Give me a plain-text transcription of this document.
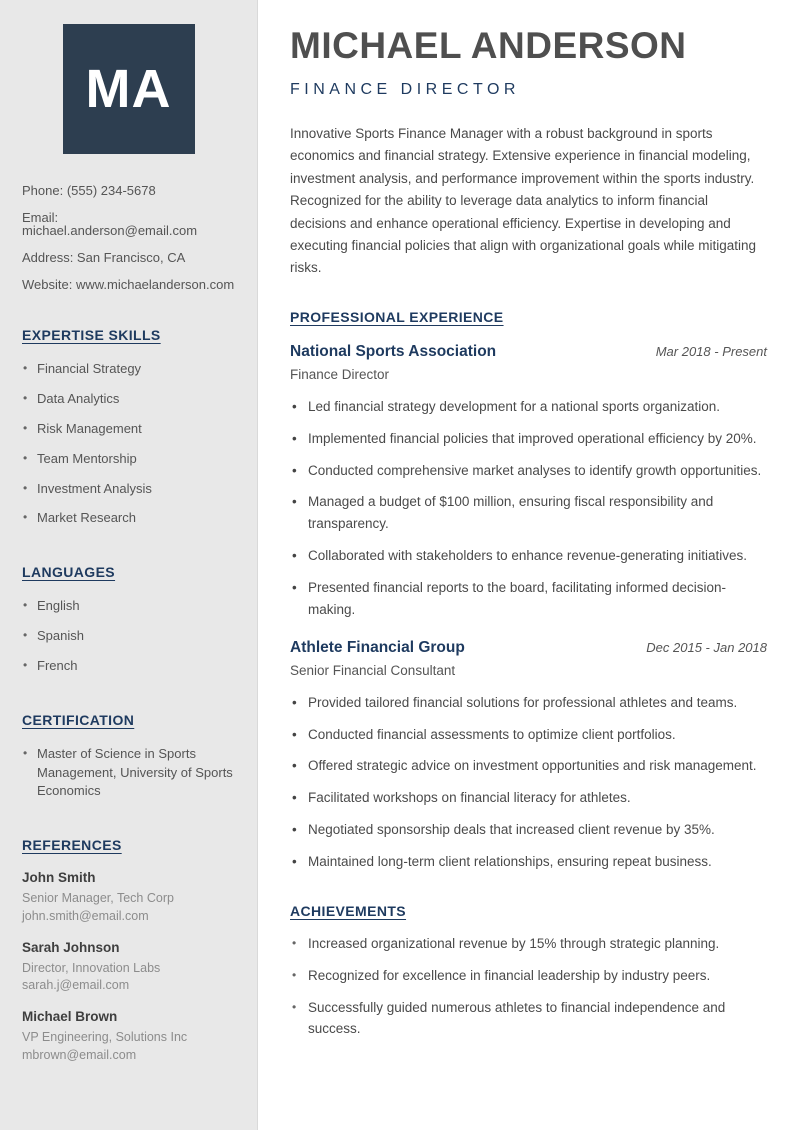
MA
Phone: (555) 234-5678
Email: michael.anderson@email.com
Address: San Francisco, CA
Website: www.michaelanderson.com
EXPERTISE SKILLS
• Financial Strategy
• Data Analytics
• Risk Management
• Team Mentorship
• Investment Analysis
• Market Research
LANGUAGES
• English
• Spanish
• French
CERTIFICATION
• Master of Science in Sports Management, University of Sports Economics
REFERENCES
John Smith
Senior Manager, Tech Corp
john.smith@email.com
Sarah Johnson
Director, Innovation Labs
sarah.j@email.com
Michael Brown
VP Engineering, Solutions Inc
mbrown@email.com
MICHAEL ANDERSON
FINANCE DIRECTOR

Innovative Sports Finance Manager with a robust background in sports economics and financial strategy. Extensive experience in financial modeling, investment analysis, and performance improvement within the sports industry. Recognized for the ability to leverage data analytics to inform financial decisions and enhance operational efficiency. Expertise in developing and executing financial policies that align with organizational goals while mitigating risks.

PROFESSIONAL EXPERIENCE
National Sports Association	Mar 2018 - Present
Finance Director
• Led financial strategy development for a national sports organization.
• Implemented financial policies that improved operational efficiency by 20%.
• Conducted comprehensive market analyses to identify growth opportunities.
• Managed a budget of $100 million, ensuring fiscal responsibility and transparency.
• Collaborated with stakeholders to enhance revenue-generating initiatives.
• Presented financial reports to the board, facilitating informed decision-making.
Athlete Financial Group	Dec 2015 - Jan 2018
Senior Financial Consultant
• Provided tailored financial solutions for professional athletes and teams.
• Conducted financial assessments to optimize client portfolios.
• Offered strategic advice on investment opportunities and risk management.
• Facilitated workshops on financial literacy for athletes.
• Negotiated sponsorship deals that increased client revenue by 35%.
• Maintained long-term client relationships, ensuring repeat business.
ACHIEVEMENTS
• Increased organizational revenue by 15% through strategic planning.
• Recognized for excellence in financial leadership by industry peers.
• Successfully guided numerous athletes to financial independence and success.
